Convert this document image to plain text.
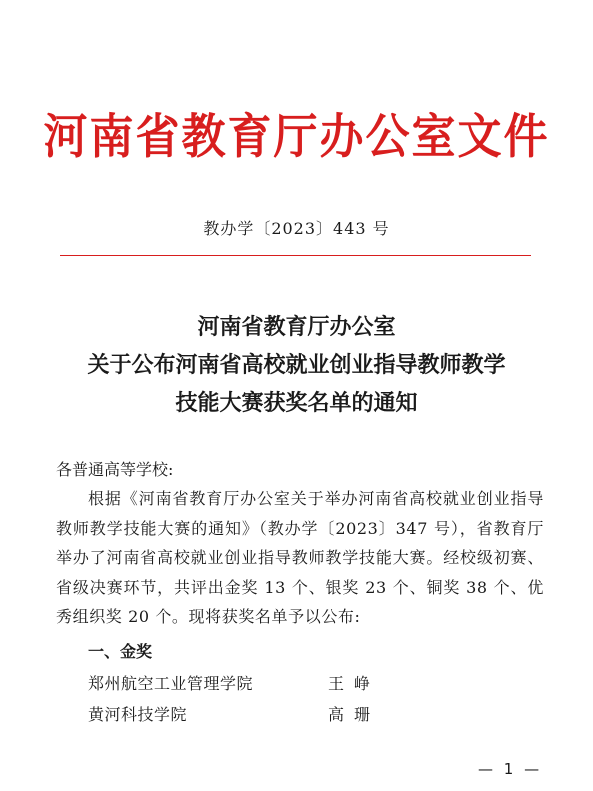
河南省教育厅办公室文件
教办学〔2023〕443 号
河南省教育厅办公室
关于公布河南省高校就业创业指导教师教学
技能大赛获奖名单的通知
各普通高等学校:
根据《河南省教育厅办公室关于举办河南省高校就业创业指导教师教学技能大赛的通知》（教办学〔2023〕347 号），省教育厅举办了河南省高校就业创业指导教师教学技能大赛。经校级初赛、省级决赛环节，共评出金奖 13 个、银奖 23 个、铜奖 38 个、优秀组织奖 20 个。现将获奖名单予以公布:
一、金奖
郑州航空工业管理学院	王峥
黄河科技学院	高珊
— 1 —
